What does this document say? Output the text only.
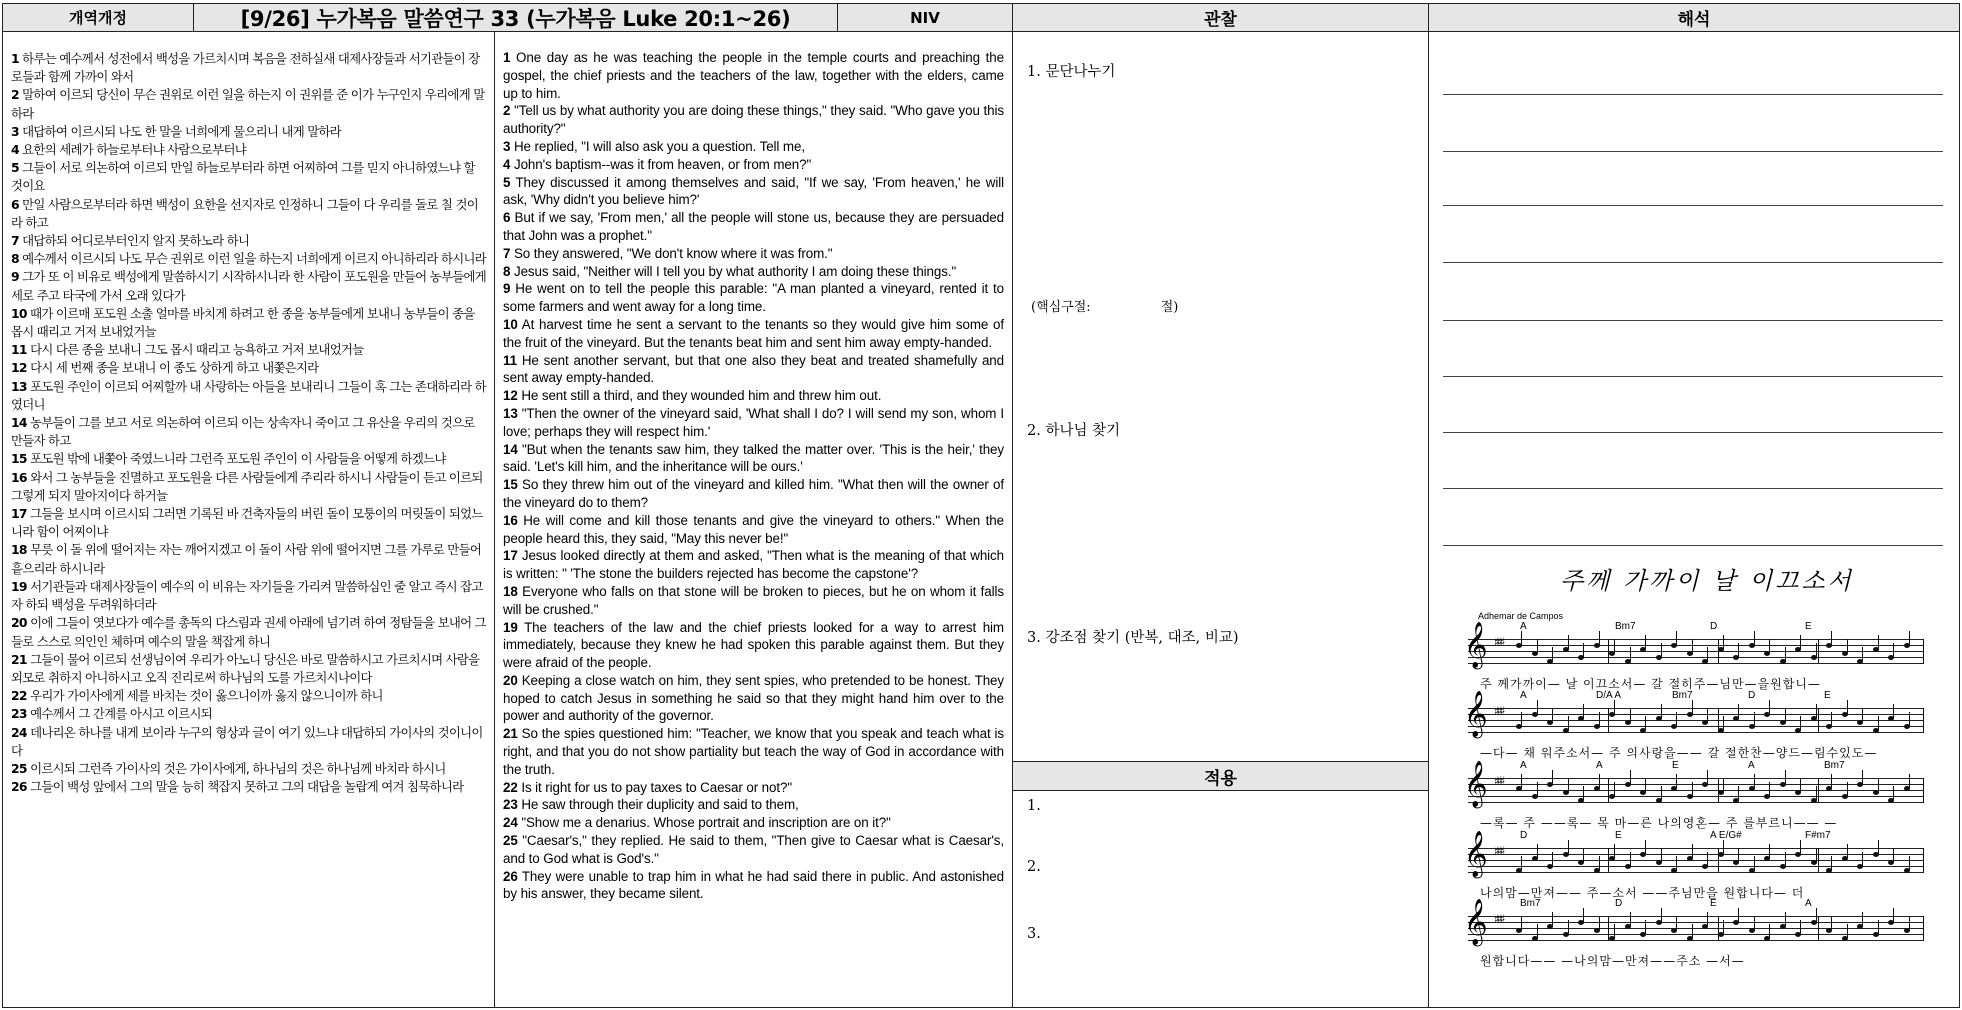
개역개정	[9/26] 누가복음 말씀연구 33 (누가복음 Luke 20:1~26)	NIV	관찰	해석
1 하루는 예수께서 성전에서 백성을 가르치시며 복음을 전하실새 대제사장들과 서기관들이 장로들과 함께 가까이 와서
2 말하여 이르되 당신이 무슨 권위로 이런 일을 하는지 이 권위를 준 이가 누구인지 우리에게 말하라
3 대답하여 이르시되 나도 한 말을 너희에게 물으리니 내게 말하라
4 요한의 세례가 하늘로부터냐 사람으로부터냐
5 그들이 서로 의논하여 이르되 만일 하늘로부터라 하면 어찌하여 그를 믿지 아니하였느냐 할 것이요
6 만일 사람으로부터라 하면 백성이 요한을 선지자로 인정하니 그들이 다 우리를 돌로 칠 것이라 하고
7 대답하되 어디로부터인지 알지 못하노라 하니
8 예수께서 이르시되 나도 무슨 권위로 이런 일을 하는지 너희에게 이르지 아니하리라 하시니라
9 그가 또 이 비유로 백성에게 말씀하시기 시작하시니라 한 사람이 포도원을 만들어 농부들에게 세로 주고 타국에 가서 오래 있다가
10 때가 이르매 포도원 소출 얼마를 바치게 하려고 한 종을 농부들에게 보내니 농부들이 종을 몹시 때리고 거저 보내었거늘
11 다시 다른 종을 보내니 그도 몹시 때리고 능욕하고 거저 보내었거늘
12 다시 세 번째 종을 보내니 이 종도 상하게 하고 내쫓은지라
13 포도원 주인이 이르되 어찌할까 내 사랑하는 아들을 보내리니 그들이 혹 그는 존대하리라 하였더니
14 농부들이 그를 보고 서로 의논하여 이르되 이는 상속자니 죽이고 그 유산을 우리의 것으로 만들자 하고
15 포도원 밖에 내쫓아 죽였느니라 그런즉 포도원 주인이 이 사람들을 어떻게 하겠느냐
16 와서 그 농부들을 진멸하고 포도원을 다른 사람들에게 주리라 하시니 사람들이 듣고 이르되 그렇게 되지 말아지이다 하거늘
17 그들을 보시며 이르시되 그러면 기록된 바 건축자들의 버린 돌이 모퉁이의 머릿돌이 되었느니라 함이 어찌이냐
18 무릇 이 돌 위에 떨어지는 자는 깨어지겠고 이 돌이 사람 위에 떨어지면 그를 가루로 만들어 흩으리라 하시니라
19 서기관들과 대제사장들이 예수의 이 비유는 자기들을 가리켜 말씀하심인 줄 알고 즉시 잡고자 하되 백성을 두려워하더라
20 이에 그들이 엿보다가 예수를 총독의 다스림과 권세 아래에 넘기려 하여 정탐들을 보내어 그들로 스스로 의인인 체하며 예수의 말을 책잡게 하니
21 그들이 물어 이르되 선생님이여 우리가 아노니 당신은 바로 말씀하시고 가르치시며 사람을 외모로 취하지 아니하시고 오직 진리로써 하나님의 도를 가르치시나이다
22 우리가 가이사에게 세를 바치는 것이 옳으니이까 옳지 않으니이까 하니
23 예수께서 그 간계를 아시고 이르시되
24 데나리온 하나를 내게 보이라 누구의 형상과 글이 여기 있느냐 대답하되 가이사의 것이니이다
25 이르시되 그런즉 가이사의 것은 가이사에게, 하나님의 것은 하나님께 바치라 하시니
26 그들이 백성 앞에서 그의 말을 능히 책잡지 못하고 그의 대답을 놀랍게 여겨 침묵하니라
1 One day as he was teaching the people in the temple courts and preaching the gospel, the chief priests and the teachers of the law, together with the elders, came up to him.
2 "Tell us by what authority you are doing these things," they said. "Who gave you this authority?"
3 He replied, "I will also ask you a question. Tell me,
4 John's baptism--was it from heaven, or from men?"
5 They discussed it among themselves and said, "If we say, 'From heaven,' he will ask, 'Why didn't you believe him?'
6 But if we say, 'From men,' all the people will stone us, because they are persuaded that John was a prophet."
7 So they answered, "We don't know where it was from."
8 Jesus said, "Neither will I tell you by what authority I am doing these things."
9 He went on to tell the people this parable: "A man planted a vineyard, rented it to some farmers and went away for a long time.
10 At harvest time he sent a servant to the tenants so they would give him some of the fruit of the vineyard. But the tenants beat him and sent him away empty-handed.
11 He sent another servant, but that one also they beat and treated shamefully and sent away empty-handed.
12 He sent still a third, and they wounded him and threw him out.
13 "Then the owner of the vineyard said, 'What shall I do? I will send my son, whom I love; perhaps they will respect him.'
14 "But when the tenants saw him, they talked the matter over. 'This is the heir,' they said. 'Let's kill him, and the inheritance will be ours.'
15 So they threw him out of the vineyard and killed him. "What then will the owner of the vineyard do to them?
16 He will come and kill those tenants and give the vineyard to others." When the people heard this, they said, "May this never be!"
17 Jesus looked directly at them and asked, "Then what is the meaning of that which is written: " 'The stone the builders rejected has become the capstone'?
18 Everyone who falls on that stone will be broken to pieces, but he on whom it falls will be crushed."
19 The teachers of the law and the chief priests looked for a way to arrest him immediately, because they knew he had spoken this parable against them. But they were afraid of the people.
20 Keeping a close watch on him, they sent spies, who pretended to be honest. They hoped to catch Jesus in something he said so that they might hand him over to the power and authority of the governor.
21 So the spies questioned him: "Teacher, we know that you speak and teach what is right, and that you do not show partiality but teach the way of God in accordance with the truth.
22 Is it right for us to pay taxes to Caesar or not?"
23 He saw through their duplicity and said to them,
24 "Show me a denarius. Whose portrait and inscription are on it?"
25 "Caesar's," they replied. He said to them, "Then give to Caesar what is Caesar's, and to God what is God's."
26 They were unable to trap him in what he had said there in public. And astonished by his answer, they became silent.
1. 문단나누기
(핵심구절:	절)
2. 하나님 찾기
3. 강조점 찾기 (반복, 대조, 비교)
적용
1.
2.
3.
주께 가까이 날 이끄소서
Adhemar de Campos
𝄞 ♯♯♯
A	Bm7	D	E
주 께가까이— 날 이끄소서— 갈 절히주—님만—을원합니—
𝄞 ♯♯♯
A	D/A A	Bm7	D	E
—다— 채 워주소서— 주 의사랑을—— 갈 절한찬—양드—림수있도—
𝄞 ♯♯♯
A	A	E	A	Bm7
—록— 주 ——록— 목 마—른 나의영혼— 주 를부르니—— —
𝄞 ♯♯♯
D	E	A E/G#	F#m7
나의맘—만져—— 주—소서 ——주님만을 원합니다— 더
𝄞 ♯♯♯
Bm7	D	E	A
원합니다—— —나의맘—만져——주소 —서—
